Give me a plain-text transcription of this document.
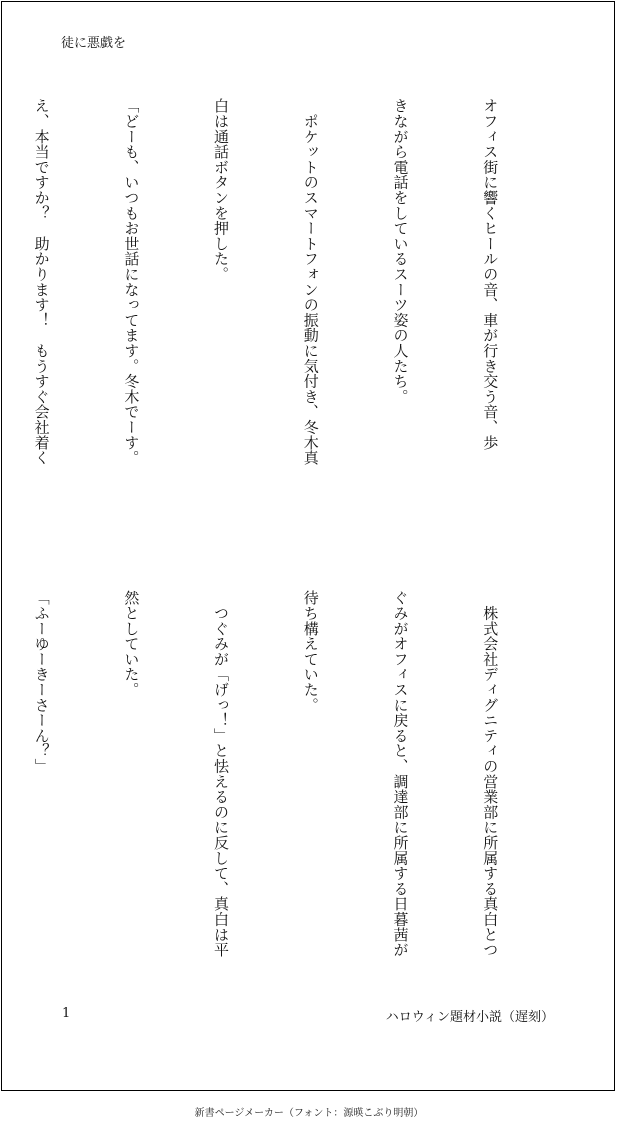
徒に悪戯を

オフィス街に響くヒールの音、車が行き交う音、歩

きながら電話をしているスーツ姿の人たち。

　ポケットのスマートフォンの振動に気付き、冬木真

白は通話ボタンを押した。

「どーも、いつもお世話になってます。冬木でーす。

え、本当ですか？　助かります！　もうすぐ会社着く

　株式会社ディグニティの営業部に所属する真白とつ

ぐみがオフィスに戻ると、調達部に所属する日暮茜が

待ち構えていた。

　つぐみが「げっ！」と怯えるのに反して、真白は平

然としていた。

「ふーゆーきーさーん？」

1	ハロウィン題材小説（遅刻）
新書ページメーカー（フォント：源暎こぶり明朝）
